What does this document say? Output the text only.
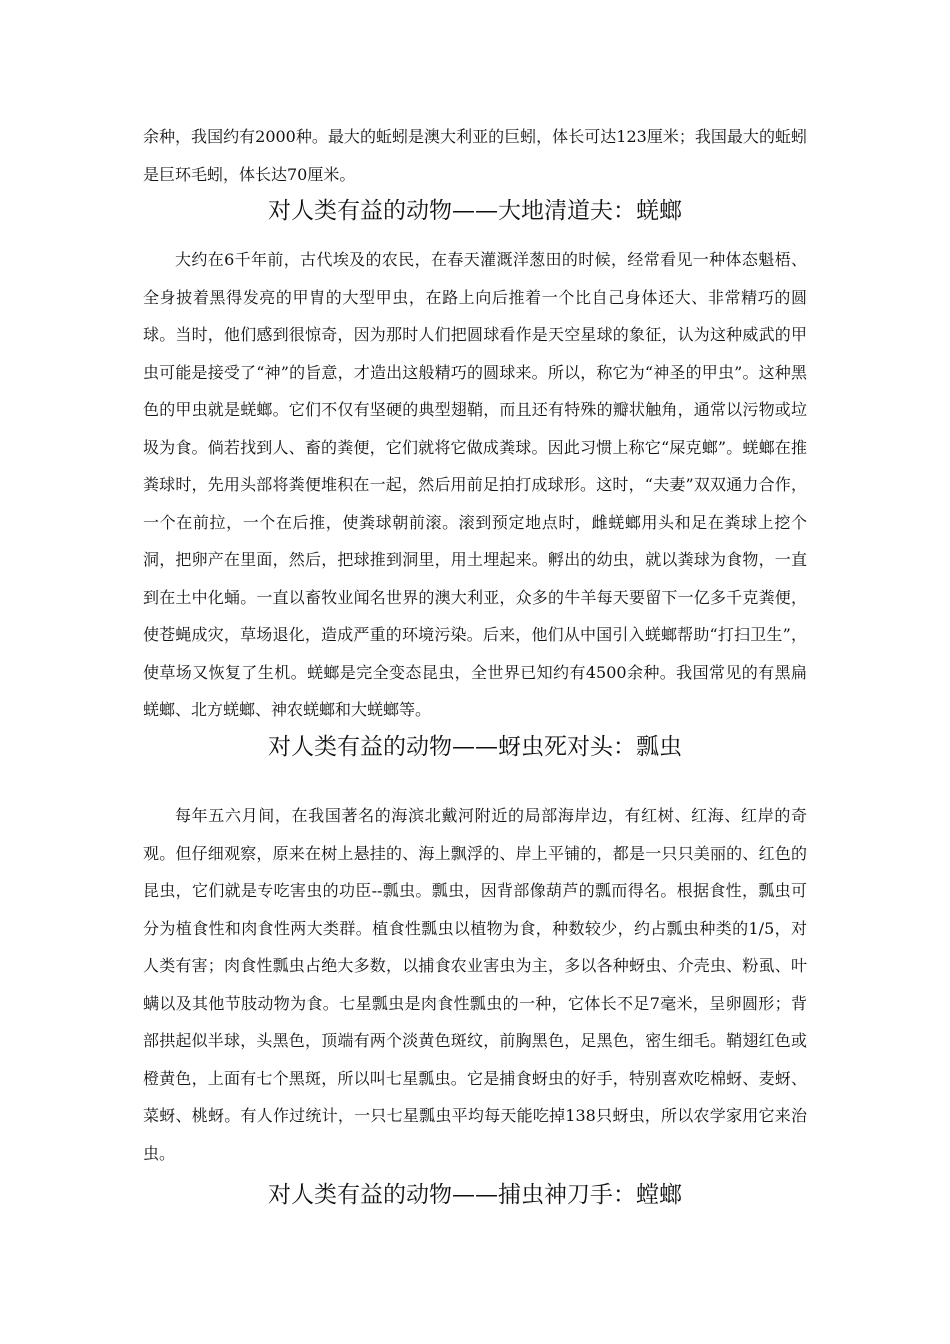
余种，我国约有2000种。最大的蚯蚓是澳大利亚的巨蚓，体长可达123厘米；我国最大的蚯蚓是巨环毛蚓，体长达70厘米。

对人类有益的动物——大地清道夫：蜣螂

大约在6千年前，古代埃及的农民，在春天灌溉洋葱田的时候，经常看见一种体态魁梧、全身披着黑得发亮的甲胄的大型甲虫，在路上向后推着一个比自己身体还大、非常精巧的圆球。当时，他们感到很惊奇，因为那时人们把圆球看作是天空星球的象征，认为这种威武的甲虫可能是接受了“神”的旨意，才造出这般精巧的圆球来。所以，称它为“神圣的甲虫”。这种黑色的甲虫就是蜣螂。它们不仅有坚硬的典型翅鞘，而且还有特殊的瓣状触角，通常以污物或垃圾为食。倘若找到人、畜的粪便，它们就将它做成粪球。因此习惯上称它“屎克螂”。蜣螂在推粪球时，先用头部将粪便堆积在一起，然后用前足拍打成球形。这时，“夫妻”双双通力合作，一个在前拉，一个在后推，使粪球朝前滚。滚到预定地点时，雌蜣螂用头和足在粪球上挖个洞，把卵产在里面，然后，把球推到洞里，用土埋起来。孵出的幼虫，就以粪球为食物，一直到在土中化蛹。一直以畜牧业闻名世界的澳大利亚，众多的牛羊每天要留下一亿多千克粪便，使苍蝇成灾，草场退化，造成严重的环境污染。后来，他们从中国引入蜣螂帮助“打扫卫生”，使草场又恢复了生机。蜣螂是完全变态昆虫，全世界已知约有4500余种。我国常见的有黑扁蜣螂、北方蜣螂、神农蜣螂和大蜣螂等。

对人类有益的动物——蚜虫死对头：瓢虫

每年五六月间，在我国著名的海滨北戴河附近的局部海岸边，有红树、红海、红岸的奇观。但仔细观察，原来在树上悬挂的、海上飘浮的、岸上平铺的，都是一只只美丽的、红色的昆虫，它们就是专吃害虫的功臣--瓢虫。瓢虫，因背部像葫芦的瓢而得名。根据食性，瓢虫可分为植食性和肉食性两大类群。植食性瓢虫以植物为食，种数较少，约占瓢虫种类的1/5，对人类有害；肉食性瓢虫占绝大多数，以捕食农业害虫为主，多以各种蚜虫、介壳虫、粉虱、叶螨以及其他节肢动物为食。七星瓢虫是肉食性瓢虫的一种，它体长不足7毫米，呈卵圆形；背部拱起似半球，头黑色，顶端有两个淡黄色斑纹，前胸黑色，足黑色，密生细毛。鞘翅红色或橙黄色，上面有七个黑斑，所以叫七星瓢虫。它是捕食蚜虫的好手，特别喜欢吃棉蚜、麦蚜、菜蚜、桃蚜。有人作过统计，一只七星瓢虫平均每天能吃掉138只蚜虫，所以农学家用它来治虫。

对人类有益的动物——捕虫神刀手：螳螂
